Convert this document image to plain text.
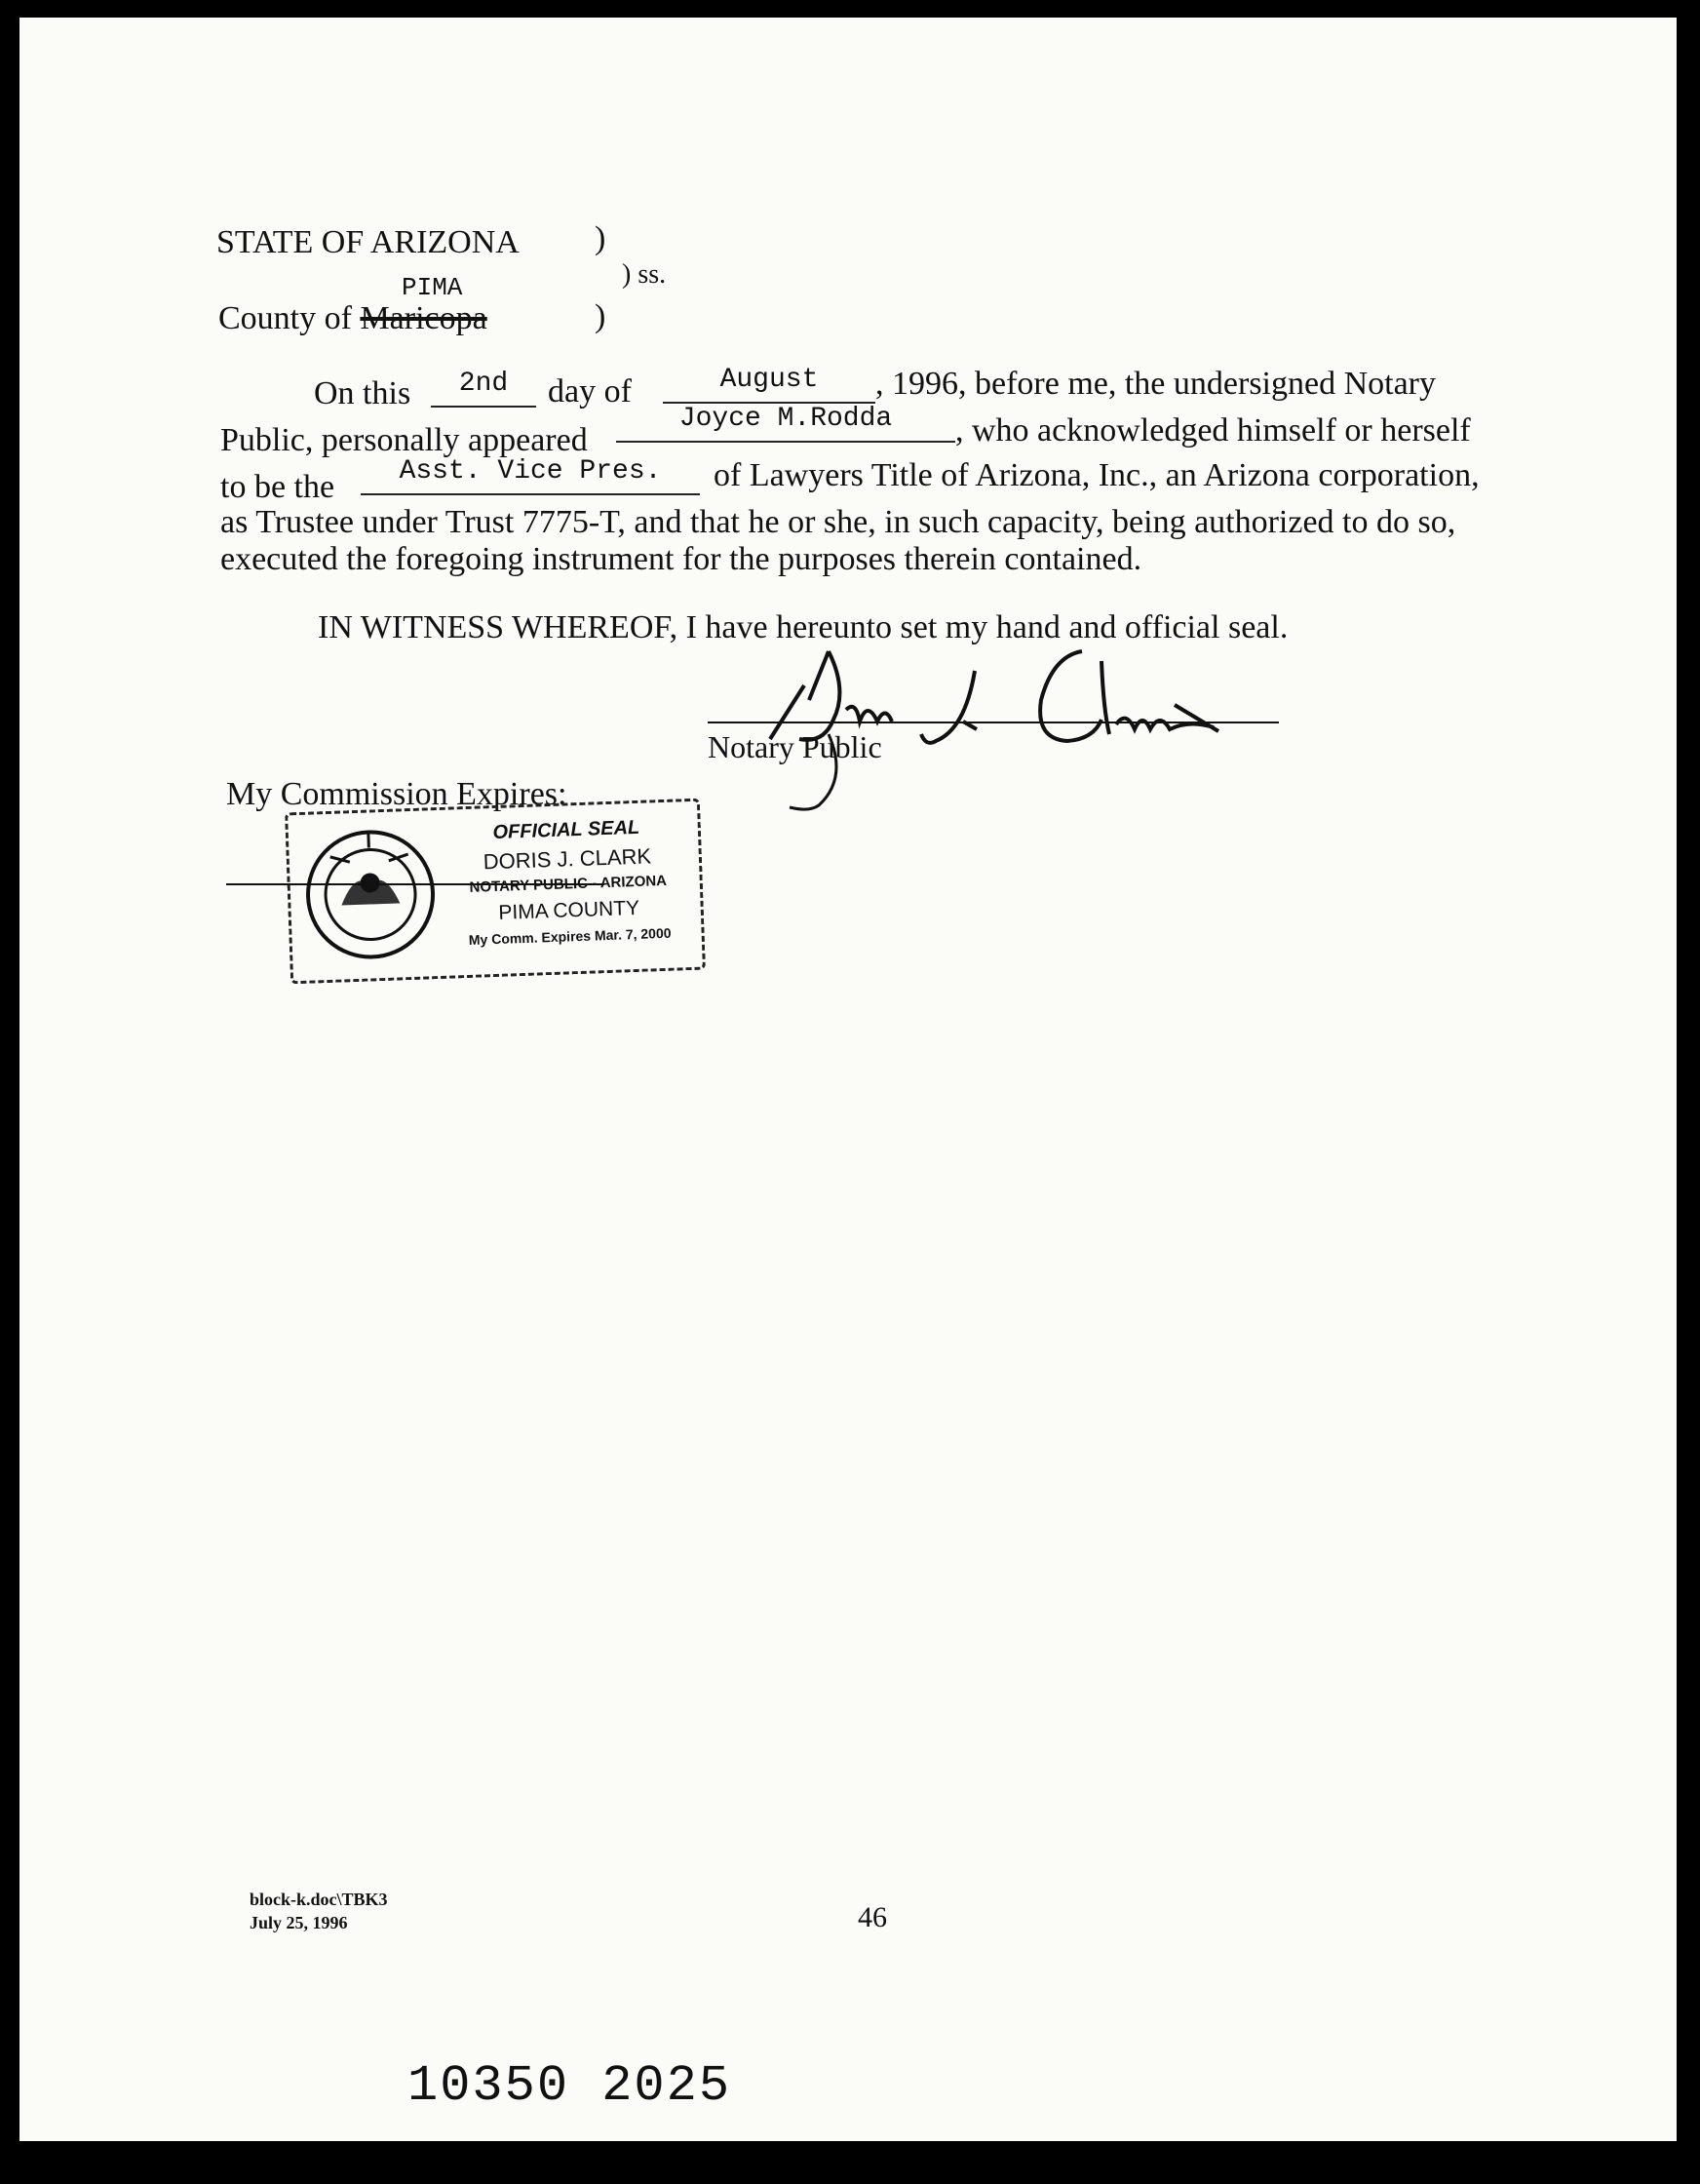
STATE OF ARIZONA )
PIMA	) ss.
County of Maricopa	)
On this	2nd	day of	August	, 1996, before me, the undersigned Notary
Public, personally appeared
Joyce M.Rodda	, who acknowledged himself or herself
to be the	Asst. Vice Pres.	of Lawyers Title of Arizona, Inc., an Arizona corporation,
as Trustee under Trust 7775-T, and that he or she, in such capacity, being authorized to do so,
executed the foregoing instrument for the purposes therein contained.
IN WITNESS WHEREOF, I have hereunto set my hand and official seal.
Notary Public
My Commission Expires:
OFFICIAL SEAL
DORIS J. CLARK
NOTARY PUBLIC - ARIZONA
PIMA COUNTY
My Comm. Expires Mar. 7, 2000
block-k.doc\TBK3
July 25, 1996	46
10350 2025
